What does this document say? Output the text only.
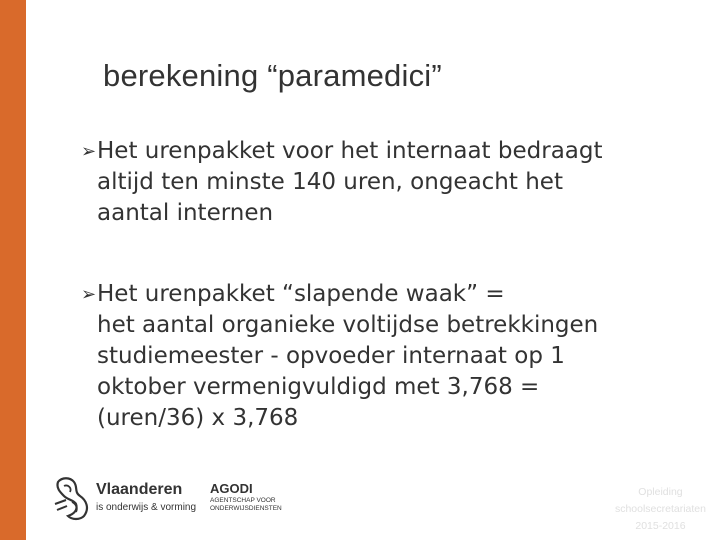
berekening “paramedici”
➢ Het urenpakket voor het internaat bedraagt
altijd ten minste 140 uren, ongeacht het
aantal internen
➢ Het urenpakket “slapende waak” =
het aantal organieke voltijdse betrekkingen
studiemeester - opvoeder internaat op 1
oktober vermenigvuldigd met 3,768 =
(uren/36) x 3,768
Vlaanderen
is onderwijs & vorming
AGODI
AGENTSCHAP VOOR
ONDERWIJSDIENSTEN
Opleiding
schoolsecretariaten
2015-2016
